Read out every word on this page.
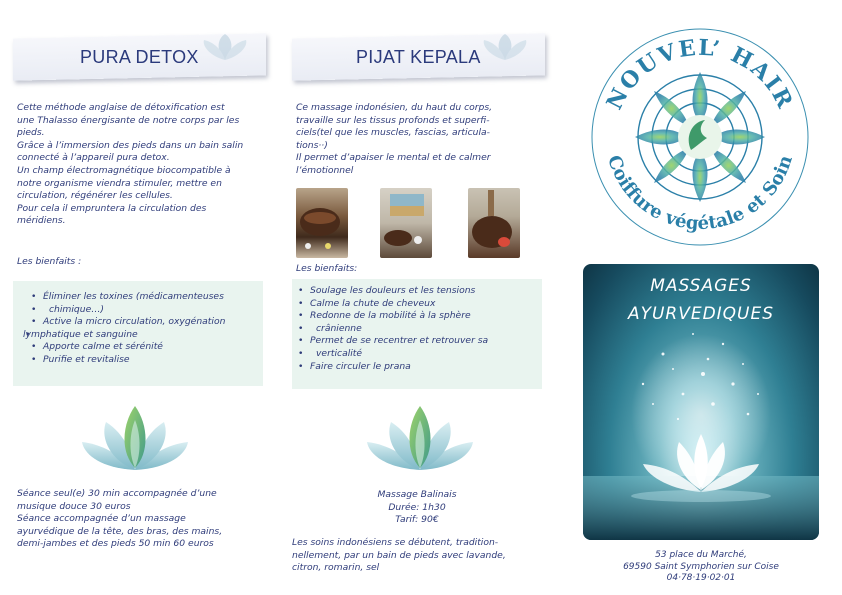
PURA DETOX
Cette méthode anglaise de détoxification est
une Thalasso énergisante de notre corps par les
pieds.
Grâce à l’immersion des pieds dans un bain salin
connecté à l’appareil pura detox.
Un champ électromagnétique biocompatible à
notre organisme viendra stimuler, mettre en
circulation, régénérer les cellules.
Pour cela il empruntera la circulation des
méridiens.
Les bienfaits :
• Éliminer les toxines (médicamenteuses
• chimique…)
• Active la micro circulation, oxygénation
• lymphatique et sanguine
• Apporte calme et sérénité
• Purifie et revitalise
Séance seul(e) 30 min accompagnée d’une
musique douce 30 euros
Séance accompagnée d’un massage
ayurvédique de la tête, des bras, des mains,
demi-jambes et des pieds 50 min 60 euros
PIJAT KEPALA
Ce massage indonésien, du haut du corps,
travaille sur les tissus profonds et superfi-
ciels(tel que les muscles, fascias, articula-
tions··)
Il permet d’apaiser le mental et de calmer
l’émotionnel
Les bienfaits:
• Soulage les douleurs et les tensions
• Calme la chute de cheveux
• Redonne de la mobilité à la sphère
• crânienne
• Permet de se recentrer et retrouver sa
• verticalité
• Faire circuler le prana
Massage Balinais
Durée: 1h30
Tarif: 90€
Les soins indonésiens se débutent, tradition-
nellement, par un bain de pieds avec lavande,
citron, romarin, sel
NOUVEL’ HAIR
Coiffure végétale et Soin
MASSAGES
AYURVEDIQUES
53 place du Marché,
69590 Saint Symphorien sur Coise
04·78·19·02·01
